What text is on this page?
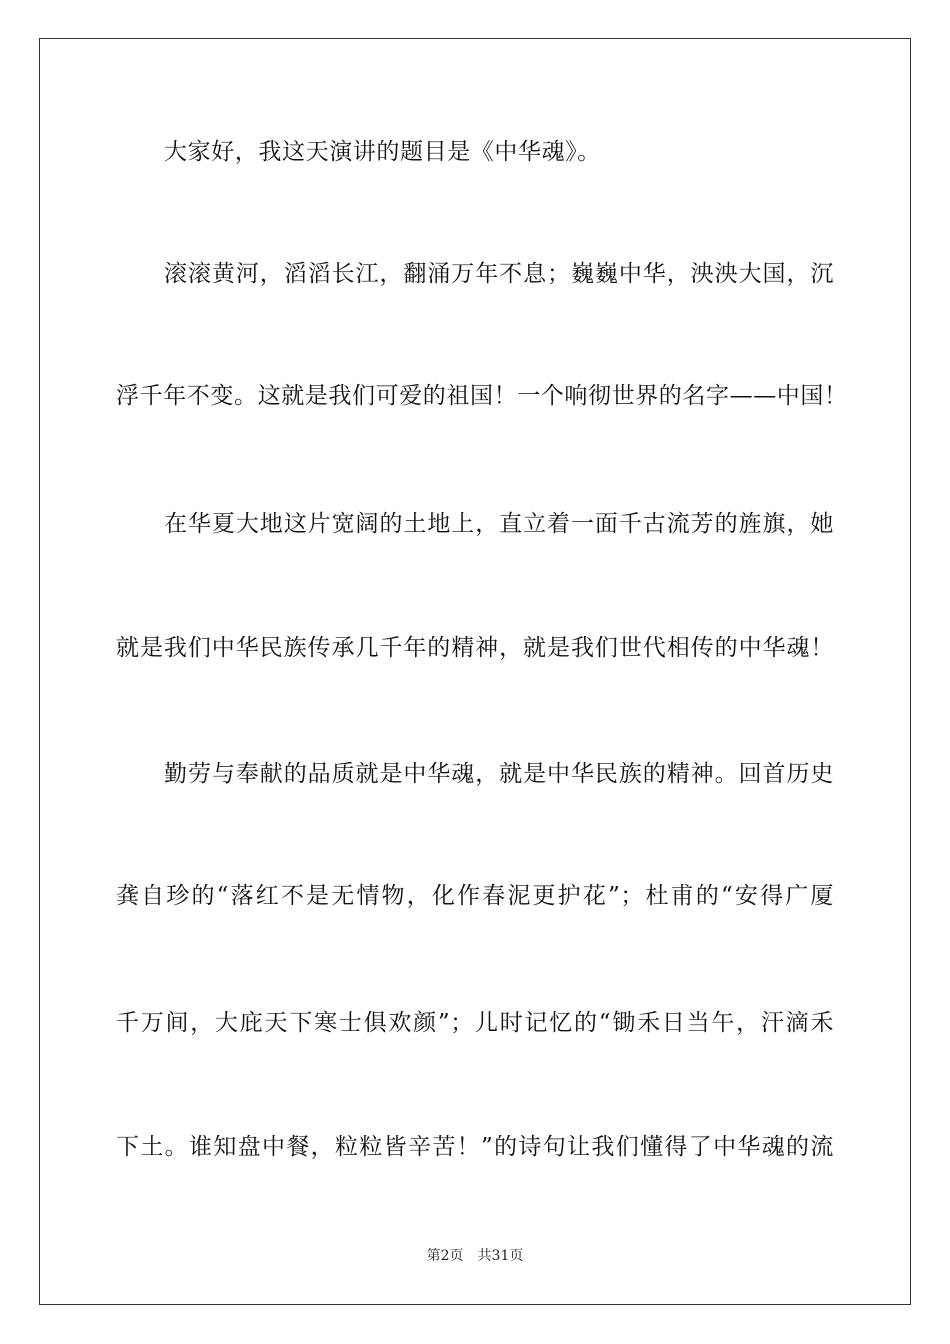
大家好，我这天演讲的题目是《中华魂》。
滚滚黄河，滔滔长江，翻涌万年不息；巍巍中华，泱泱大国，沉
浮千年不变。这就是我们可爱的祖国！一个响彻世界的名字——中国！
在华夏大地这片宽阔的土地上，直立着一面千古流芳的旌旗，她
就是我们中华民族传承几千年的精神，就是我们世代相传的中华魂！
勤劳与奉献的品质就是中华魂，就是中华民族的精神。回首历史
龚自珍的“落红不是无情物，化作春泥更护花”；杜甫的“安得广厦
千万间，大庇天下寒士俱欢颜”；儿时记忆的“锄禾日当午，汗滴禾
下土。谁知盘中餐，粒粒皆辛苦！”的诗句让我们懂得了中华魂的流
第2页 共31页
